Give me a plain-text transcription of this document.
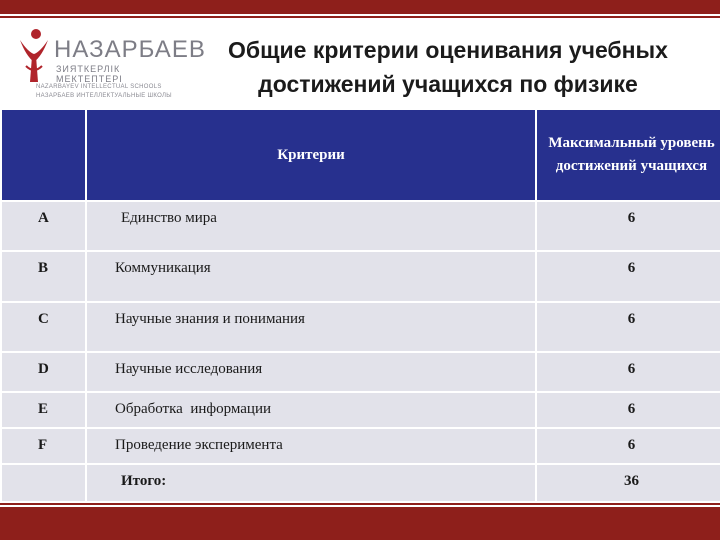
НАЗАРБАЕВ
ЗИЯТКЕРЛІК МЕКТЕПТЕРІ
NAZARBAYEV INTELLECTUAL SCHOOLS
НАЗАРБАЕВ ИНТЕЛЛЕКТУАЛЬНЫЕ ШКОЛЫ
Общие критерии оценивания учебных
достижений учащихся по физике
	Критерии	Максимальный уровень достижений учащихся
A	Единство мира	6
B	Коммуникация	6
C	Научные знания и понимания	6
D	Научные исследования	6
E	Обработка  информации	6
F	Проведение эксперимента	6
	Итого:	36
